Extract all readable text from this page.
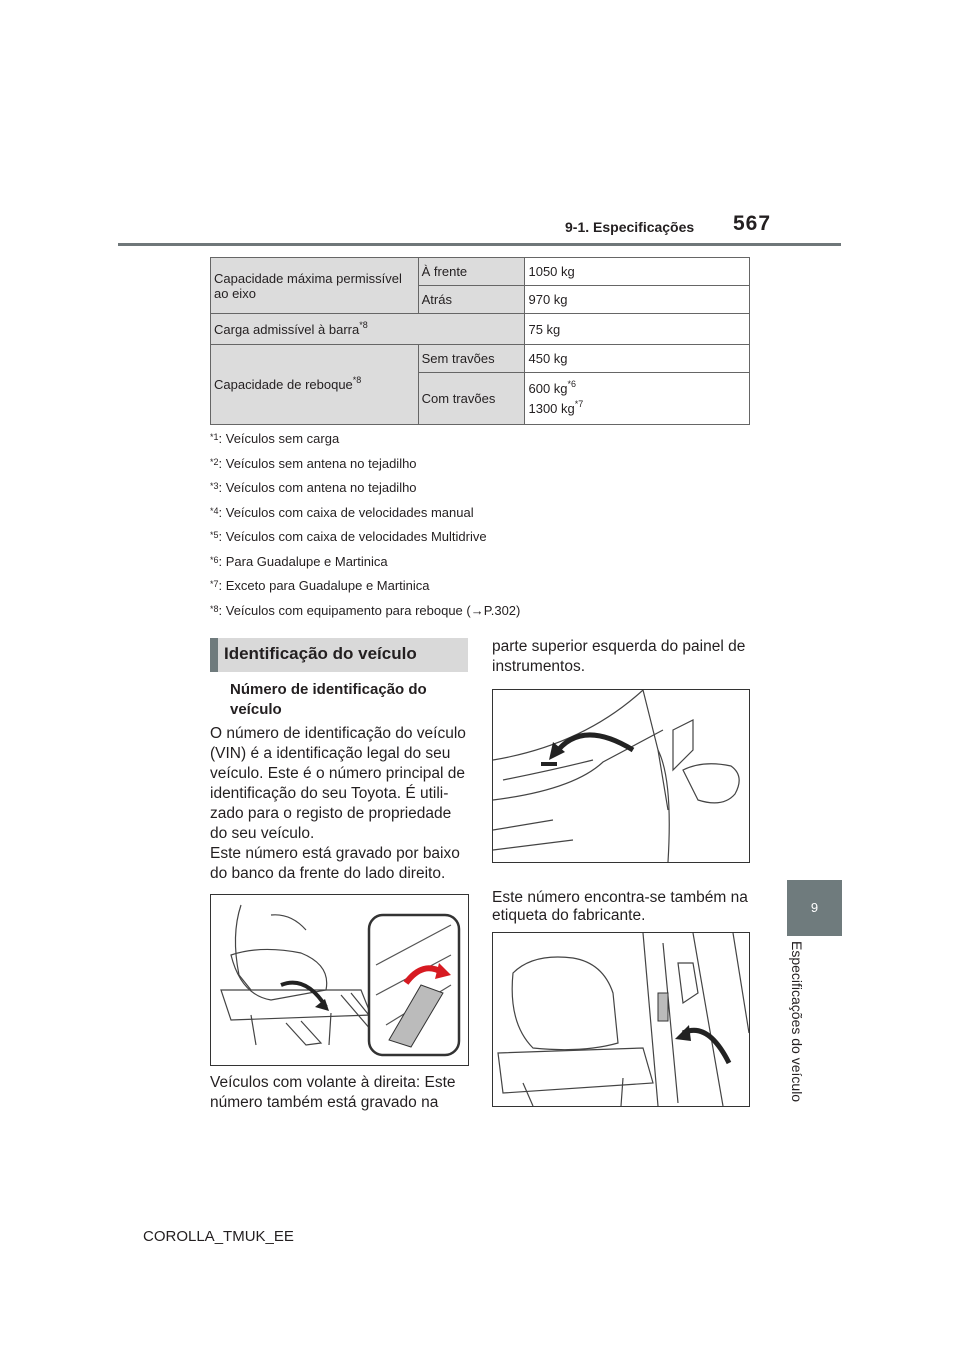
9-1. Especificações 567
9
Especificações do veículo
Capacidade máxima permissível ao eixo	À frente	1050 kg
	Atrás	970 kg
Carga admissível à barra$^{*8}$		75 kg
Capacidade de reboque$^{*8}$	Sem travões	450 kg
	Com travões	600 $kg^{*6}$
1300 $kg^{*7}$
$^{*1}$: Veículos sem carga
$^{*2}$: Veículos sem antena no tejadilho
$^{*3}$: Veículos com antena no tejadilho
$^{*4}$: Veículos com caixa de velocidades manual
$^{*5}$: Veículos com caixa de velocidades Multidrive
$^{*6}$: Para Guadalupe e Martinica
$^{*7}$: Exceto para Guadalupe e Martinica
$^{*8}$: Veículos com equipamento para reboque (→P.302)
Identificação do veículo
Número de identificação do veículo
O número de identificação do veículo (VIN) é a identificação legal do seu veículo. Este é o número principal de identificação do seu Toyota. É utili-zado para o registo de propriedade do seu veículo.
Este número está gravado por baixo do banco da frente do lado direito.
Veículos com volante à direita: Este número também está gravado na
parte superior esquerda do painel de instrumentos.
Este número encontra-se também na etiqueta do fabricante.
COROLLA_TMUK_EE
